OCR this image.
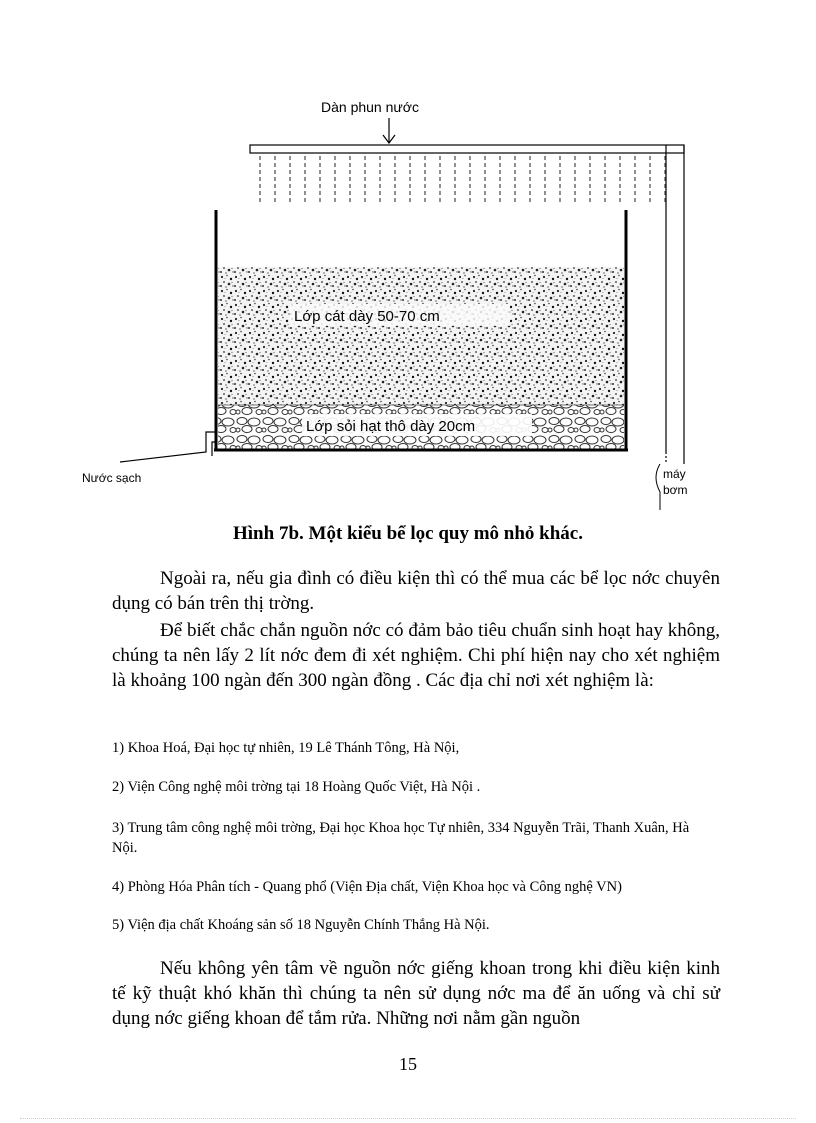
Dàn phun nước
Lớp cát dày 50-70 cm
Lớp sỏi hạt thô dày 20cm
Nước sạch	máy
bơm
Hình 7b. Một kiểu bể lọc quy mô nhỏ khác.

Ngoài ra, nếu gia đình có điều kiện thì có thể mua các bể lọc nớc chuyên dụng có bán trên thị trờng.

Để biết chắc chắn nguồn nớc có đảm bảo tiêu chuẩn sinh hoạt hay không, chúng ta nên lấy 2 lít nớc đem đi xét nghiệm. Chi phí hiện nay cho xét nghiệm là khoảng 100 ngàn đến 300 ngàn đồng . Các địa chỉ nơi xét nghiệm là:

1) Khoa Hoá, Đại học tự nhiên, 19 Lê Thánh Tông, Hà Nội,
2) Viện Công nghệ môi trờng tại 18 Hoàng Quốc Việt, Hà Nội .
3) Trung tâm công nghệ môi trờng, Đại học Khoa học Tự nhiên, 334 Nguyễn Trãi, Thanh Xuân, Hà Nội.
4) Phòng Hóa Phân tích - Quang phổ (Viện Địa chất, Viện Khoa học và Công nghệ VN)
5) Viện địa chất Khoáng sản số 18 Nguyễn Chính Thắng Hà Nội.

Nếu không yên tâm về nguồn nớc giếng khoan trong khi điều kiện kinh tế kỹ thuật khó khăn thì chúng ta nên sử dụng nớc ma để ăn uống và chỉ sử dụng nớc giếng khoan để tắm rửa. Những nơi nằm gần nguồn

15
